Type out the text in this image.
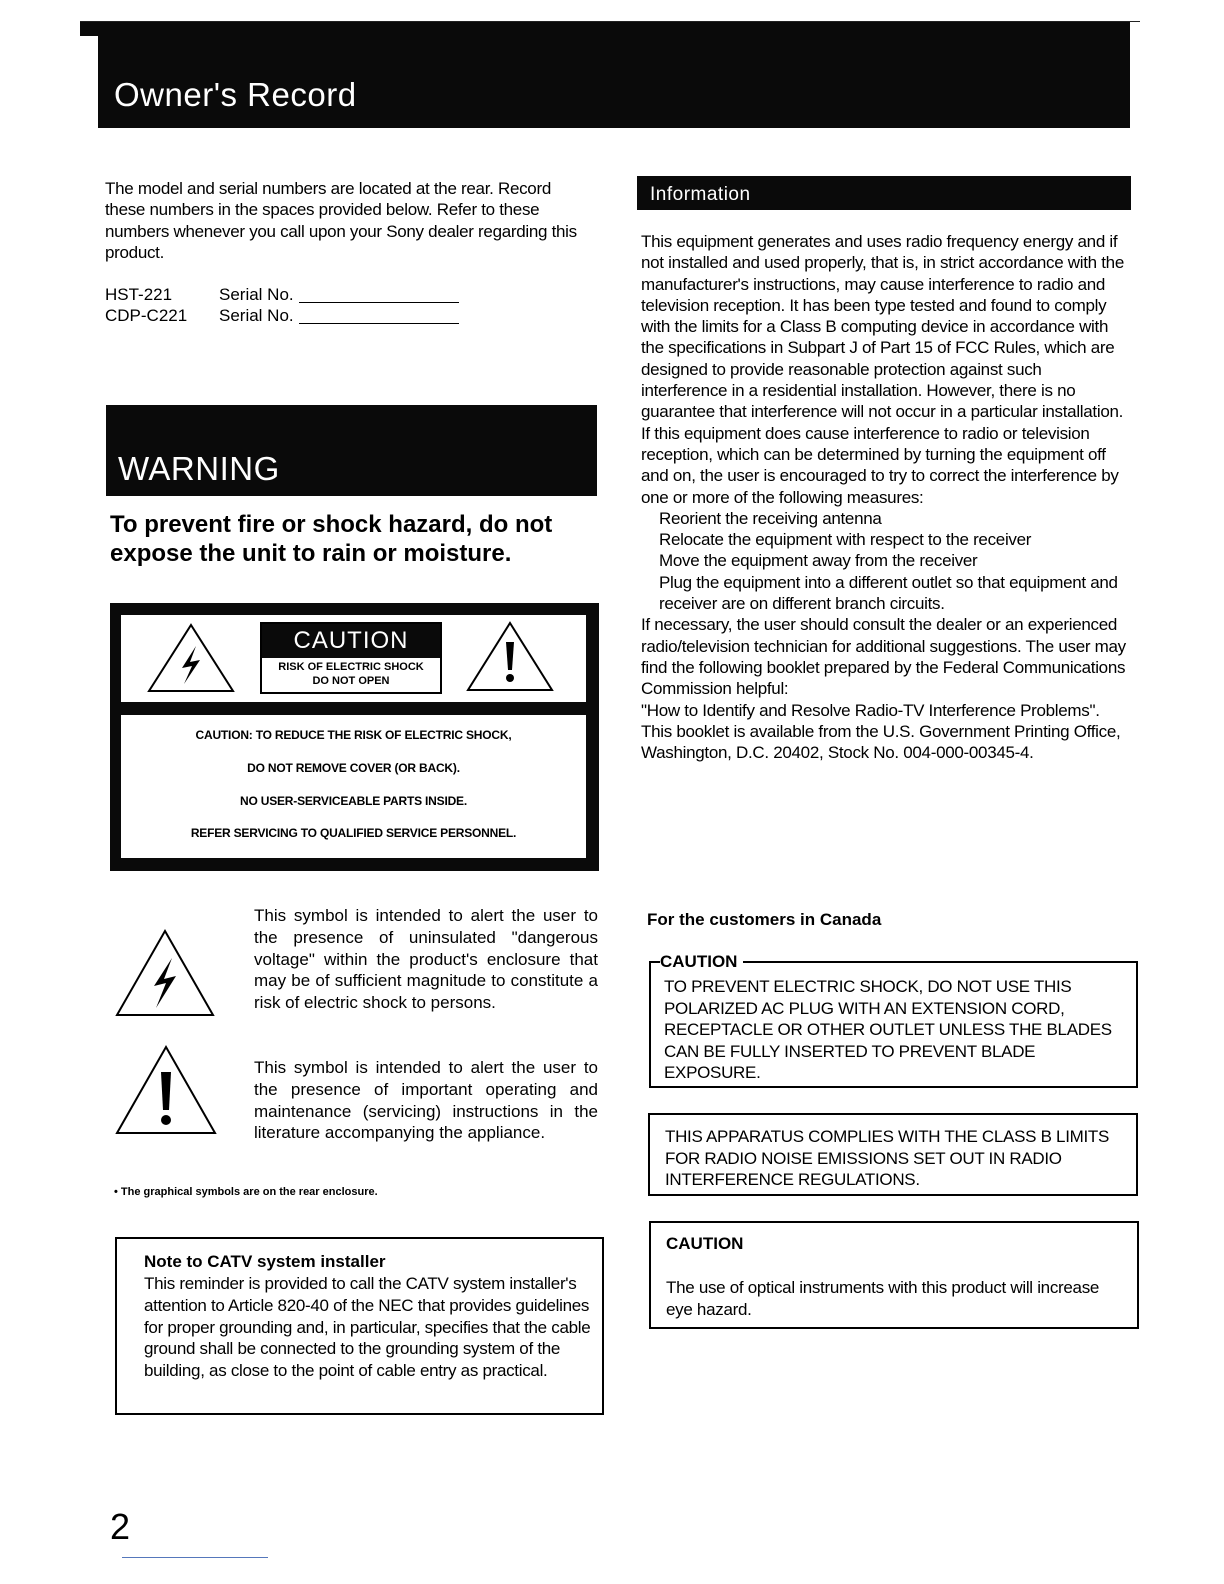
Owner's Record
The model and serial numbers are located at the rear. Record these numbers in the spaces provided below. Refer to these numbers whenever you call upon your Sony dealer regarding this product.
HST-221	Serial No.
CDP-C221 Serial No.
WARNING
To prevent fire or shock hazard, do not expose the unit to rain or moisture.
CAUTION
RISK OF ELECTRIC SHOCK
DO NOT OPEN
CAUTION: TO REDUCE THE RISK OF ELECTRIC SHOCK,
DO NOT REMOVE COVER (OR BACK).
NO USER-SERVICEABLE PARTS INSIDE.
REFER SERVICING TO QUALIFIED SERVICE PERSONNEL.
This symbol is intended to alert the user to the presence of uninsulated "dangerous voltage" within the product's enclosure that may be of sufficient magnitude to constitute a risk of electric shock to persons.
This symbol is intended to alert the user to the presence of important operating and maintenance (servicing) instructions in the literature accompanying the appliance.
• The graphical symbols are on the rear enclosure.
Note to CATV system installer
This reminder is provided to call the CATV system installer's attention to Article 820-40 of the NEC that provides guidelines for proper grounding and, in particular, specifies that the cable ground shall be connected to the grounding system of the building, as close to the point of cable entry as practical.
Information

This equipment generates and uses radio frequency energy and if not installed and used properly, that is, in strict accordance with the manufacturer's instructions, may cause interference to radio and television reception. It has been type tested and found to comply with the limits for a Class B computing device in accordance with the specifications in Subpart J of Part 15 of FCC Rules, which are designed to provide reasonable protection against such interference in a residential installation. However, there is no guarantee that interference will not occur in a particular installation. If this equipment does cause interference to radio or television reception, which can be determined by turning the equipment off and on, the user is encouraged to try to correct the interference by one or more of the following measures:

Reorient the receiving antenna

Relocate the equipment with respect to the receiver

Move the equipment away from the receiver

Plug the equipment into a different outlet so that equipment and receiver are on different branch circuits.

If necessary, the user should consult the dealer or an experienced radio/television technician for additional suggestions. The user may find the following booklet prepared by the Federal Communications Commission helpful:

"How to Identify and Resolve Radio-TV Interference Problems".

This booklet is available from the U.S. Government Printing Office, Washington, D.C. 20402, Stock No. 004-000-00345-4.

For the customers in Canada
CAUTION
TO PREVENT ELECTRIC SHOCK, DO NOT USE THIS POLARIZED AC PLUG WITH AN EXTENSION CORD, RECEPTACLE OR OTHER OUTLET UNLESS THE BLADES CAN BE FULLY INSERTED TO PREVENT BLADE EXPOSURE.
THIS APPARATUS COMPLIES WITH THE CLASS B LIMITS FOR RADIO NOISE EMISSIONS SET OUT IN RADIO INTERFERENCE REGULATIONS.
CAUTION
The use of optical instruments with this product will increase eye hazard.
2
